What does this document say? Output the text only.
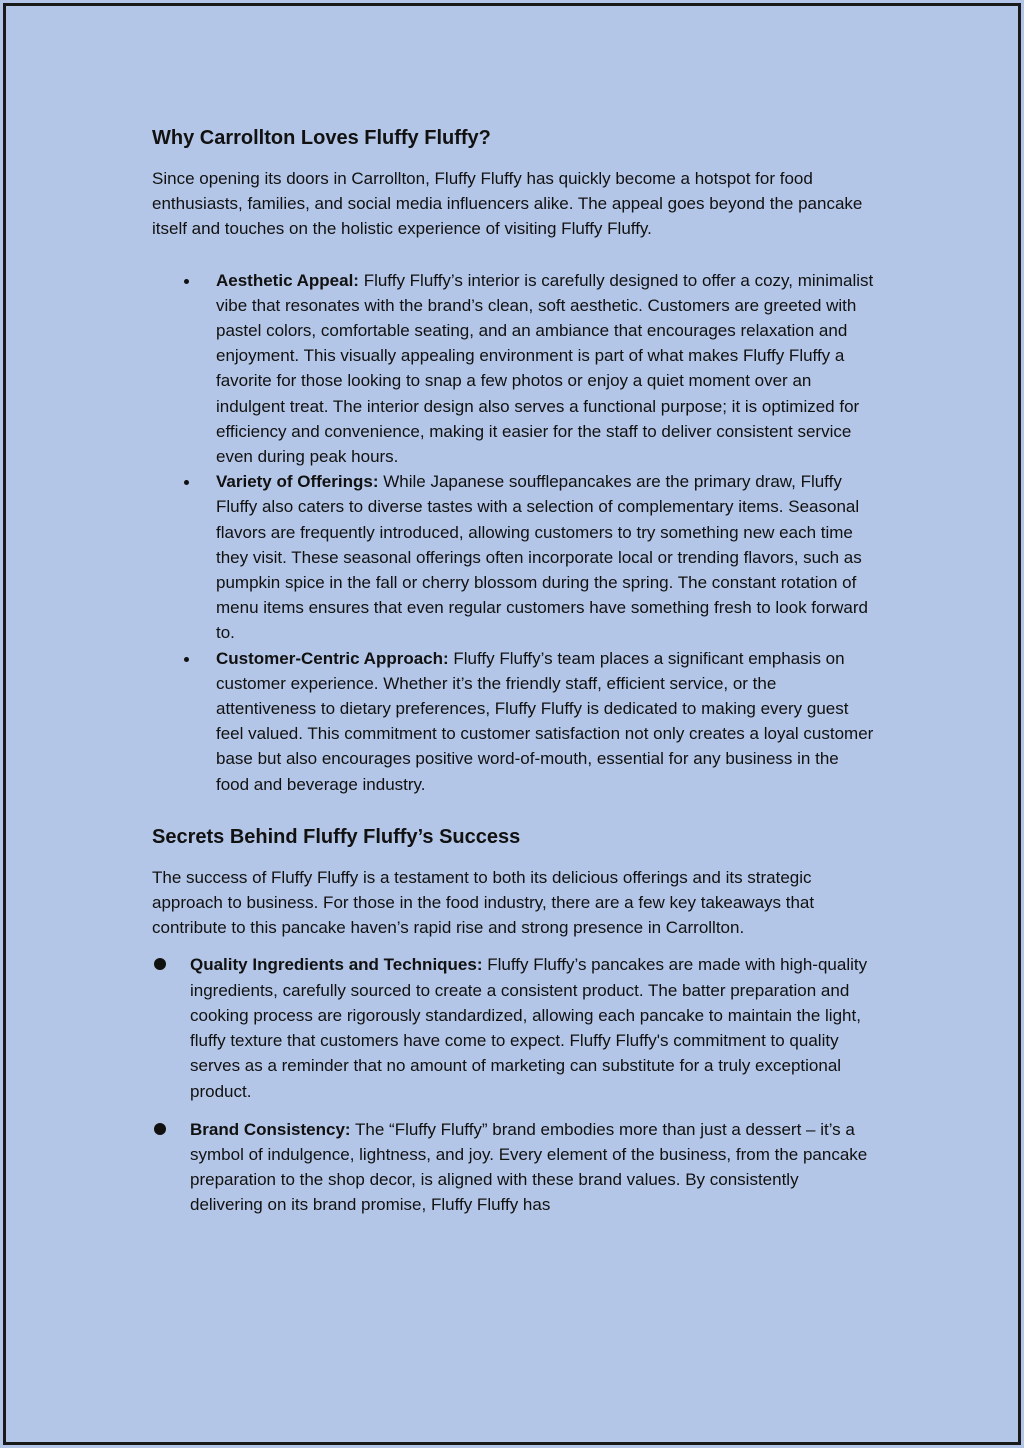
Why Carrollton Loves Fluffy Fluffy?

Since opening its doors in Carrollton, Fluffy Fluffy has quickly become a hotspot for food enthusiasts, families, and social media influencers alike. The appeal goes beyond the pancake itself and touches on the holistic experience of visiting Fluffy Fluffy.

Aesthetic Appeal: Fluffy Fluffy’s interior is carefully designed to offer a cozy, minimalist vibe that resonates with the brand’s clean, soft aesthetic. Customers are greeted with pastel colors, comfortable seating, and an ambiance that encourages relaxation and enjoyment. This visually appealing environment is part of what makes Fluffy Fluffy a favorite for those looking to snap a few photos or enjoy a quiet moment over an indulgent treat. The interior design also serves a functional purpose; it is optimized for efficiency and convenience, making it easier for the staff to deliver consistent service even during peak hours.
Variety of Offerings: While Japanese soufflepancakes are the primary draw, Fluffy Fluffy also caters to diverse tastes with a selection of complementary items. Seasonal flavors are frequently introduced, allowing customers to try something new each time they visit. These seasonal offerings often incorporate local or trending flavors, such as pumpkin spice in the fall or cherry blossom during the spring. The constant rotation of menu items ensures that even regular customers have something fresh to look forward to.
Customer-Centric Approach: Fluffy Fluffy’s team places a significant emphasis on customer experience. Whether it’s the friendly staff, efficient service, or the attentiveness to dietary preferences, Fluffy Fluffy is dedicated to making every guest feel valued. This commitment to customer satisfaction not only creates a loyal customer base but also encourages positive word-of-mouth, essential for any business in the food and beverage industry.
Secrets Behind Fluffy Fluffy’s Success

The success of Fluffy Fluffy is a testament to both its delicious offerings and its strategic approach to business. For those in the food industry, there are a few key takeaways that contribute to this pancake haven’s rapid rise and strong presence in Carrollton.

Quality Ingredients and Techniques: Fluffy Fluffy’s pancakes are made with high-quality ingredients, carefully sourced to create a consistent product. The batter preparation and cooking process are rigorously standardized, allowing each pancake to maintain the light, fluffy texture that customers have come to expect. Fluffy Fluffy's commitment to quality serves as a reminder that no amount of marketing can substitute for a truly exceptional product.
Brand Consistency: The “Fluffy Fluffy” brand embodies more than just a dessert – it’s a symbol of indulgence, lightness, and joy. Every element of the business, from the pancake preparation to the shop decor, is aligned with these brand values. By consistently delivering on its brand promise, Fluffy Fluffy has
